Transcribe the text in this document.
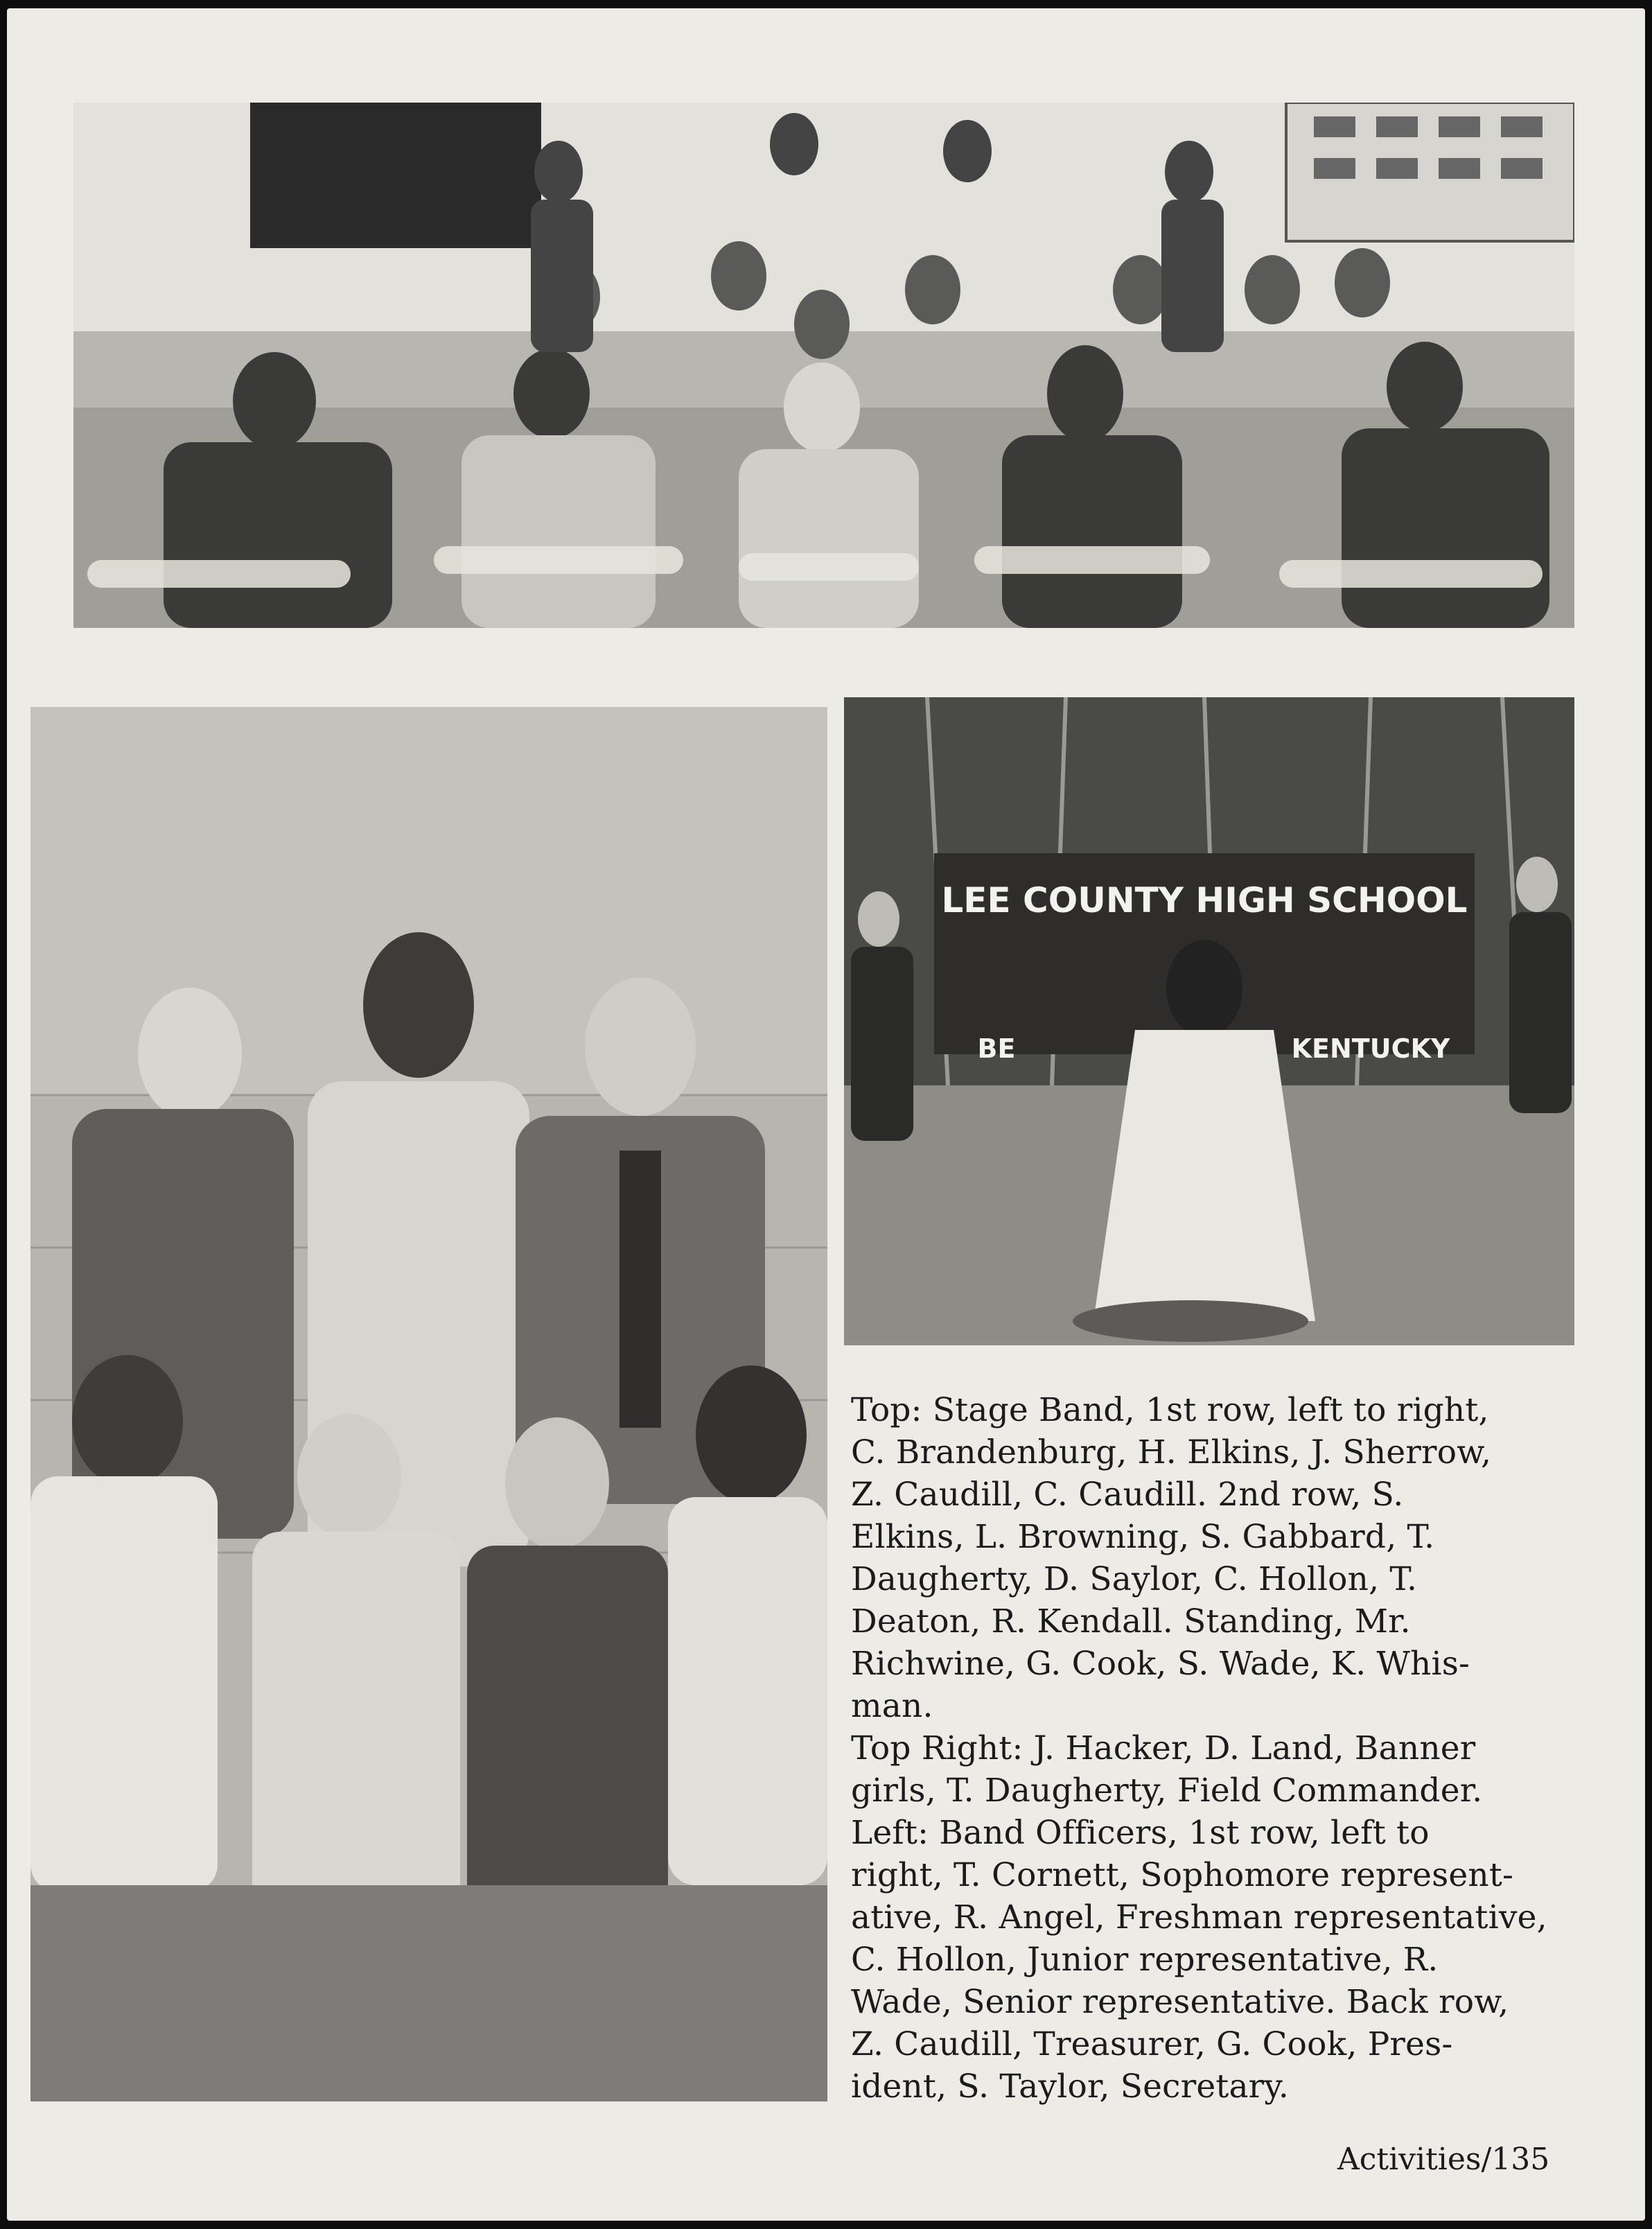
LEE COUNTY HIGH SCHOOL
BE	KENTUCKY
Top: Stage Band, 1st row, left to right,
C. Brandenburg, H. Elkins, J. Sherrow,
Z. Caudill, C. Caudill. 2nd row, S.
Elkins, L. Browning, S. Gabbard, T.
Daugherty, D. Saylor, C. Hollon, T.
Deaton, R. Kendall. Standing, Mr.
Richwine, G. Cook, S. Wade, K. Whis-
man.
Top Right: J. Hacker, D. Land, Banner
girls, T. Daugherty, Field Commander.
Left: Band Officers, 1st row, left to
right, T. Cornett, Sophomore represent-
ative, R. Angel, Freshman representative,
C. Hollon, Junior representative, R.
Wade, Senior representative. Back row,
Z. Caudill, Treasurer, G. Cook, Pres-
ident, S. Taylor, Secretary.
Activities/135
